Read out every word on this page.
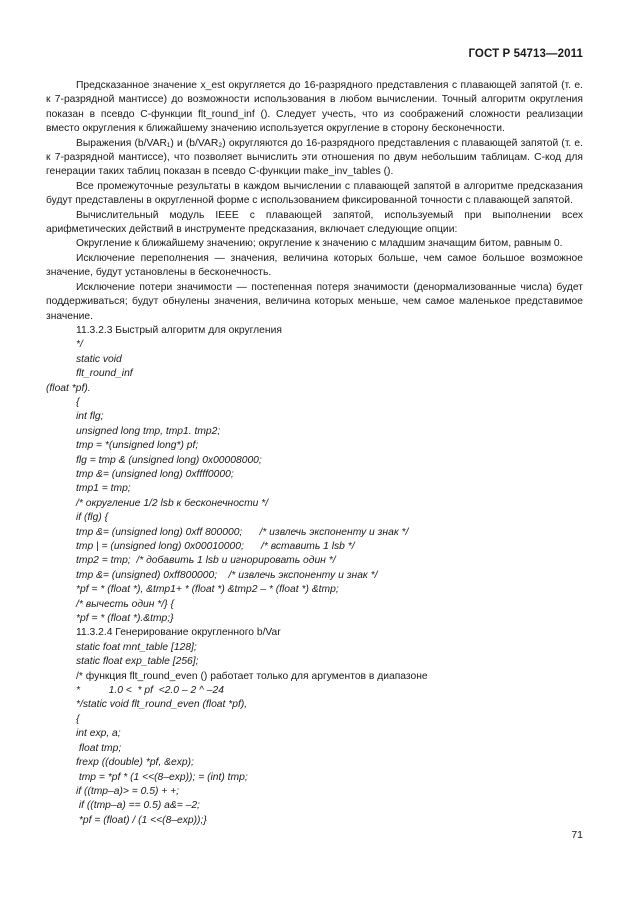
ГОСТ Р 54713—2011

Предсказанное значение x_est округляется до 16-разрядного представления с плавающей запятой (т. е. к 7-разрядной мантиссе) до возможности использования в любом вычислении. Точный алгоритм округления показан в псевдо С-функции flt_round_inf (). Следует учесть, что из соображений сложности реализации вместо округления к ближайшему значению используется округление в сторону бесконечности.

Выражения (b/VAR₁) и (b/VAR₂) округляются до 16-разрядного представления с плавающей запятой (т. е. к 7-разрядной мантиссе), что позволяет вычислить эти отношения по двум небольшим таблицам. С-код для генерации таких таблиц показан в псевдо С-функции make_inv_tables ().

Все промежуточные результаты в каждом вычислении с плавающей запятой в алгоритме предсказания будут представлены в округленной форме с использованием фиксированной точности с плавающей запятой.

Вычислительный модуль IEEE с плавающей запятой, используемый при выполнении всех арифметических действий в инструменте предсказания, включает следующие опции:

Округление к ближайшему значению; округление к значению с младшим значащим битом, равным 0.

Исключение переполнения — значения, величина которых больше, чем самое большое возможное значение, будут установлены в бесконечность.

Исключение потери значимости — постепенная потеря значимости (денормализованные числа) будет поддерживаться; будут обнулены значения, величина которых меньше, чем самое маленькое представимое значение.

11.3.2.3 Быстрый алгоритм для округления
*/
static void
flt_round_inf
(float *pf).
{
int flg;
unsigned long tmp, tmp1. tmp2;
tmp = *(unsigned long*) pf;
flg = tmp & (unsigned long) 0x00008000;
tmp &= (unsigned long) 0xffff0000;
tmp1 = tmp;
/* округление 1/2 lsb к бесконечности */
if (flg) {
tmp &= (unsigned long) 0xff 800000;      /* извлечь экспоненту и знак */
tmp | = (unsigned long) 0x00010000;      /* вставить 1 lsb */
tmp2 = tmp;  /* добавить 1 lsb и игнорировать один */
tmp &= (unsigned) 0xff800000;    /* извлечь экспоненту и знак */
*pf = * (float *), &tmp1+ * (float *) &tmp2 – * (float *) &tmp;
/* вычесть один */} {
*pf = * (float *).&tmp;}
11.3.2.4 Генерирование округленного b/Var
static foat mnt_table [128];
static float exp_table [256];
/* функция flt_round_even () работает только для аргументов в диапазоне
*          1.0 <  * pf  <2.0 – 2 ^ –24
*/static void flt_round_even (float *pf),
{
int exp, a;
float tmp;
frexp ((double) *pf, &exp);
tmp = *pf * (1 <<(8–exp)); = (int) tmp;
if ((tmp–a)> = 0.5) + +;
if ((tmp–a) == 0.5) a&= –2;
*pf = (float) / (1 <<(8–exp));}
71
